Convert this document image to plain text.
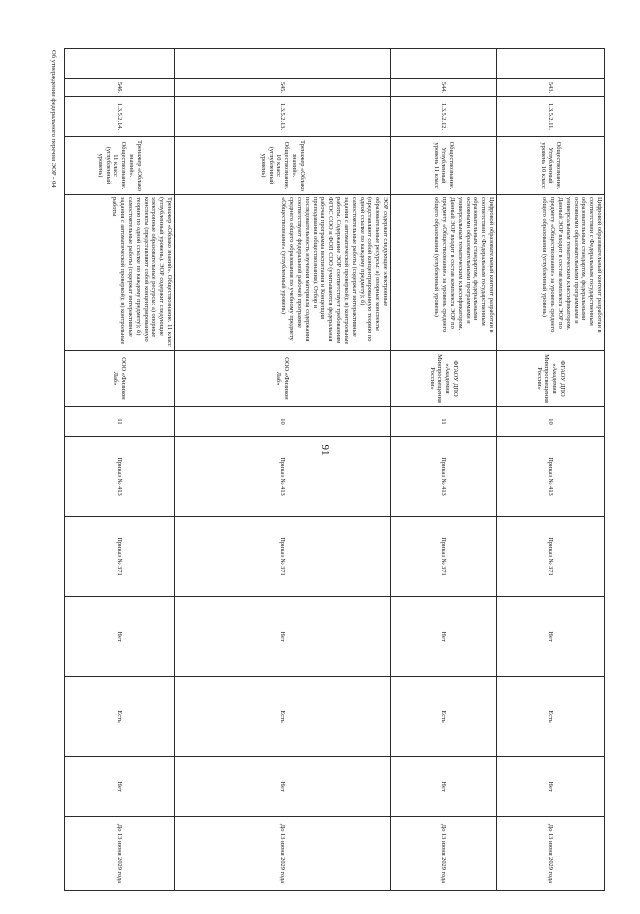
91
	543.	1.3.5.2.11.	Обществознание. Углубленный уровень 10 класс	Цифровой образовательный контент разработан в соответствии с Федеральным государственным образовательным стандартом, федеральными основными образовательными программами и универсальным тематическим классификатором. Данный ЭОР входит в состав комплекта ЭОР по предмету «Обществознание» за уровень среднего общего образования (углубленный уровень)	ФГАОУ ДПО «Академия Минпросвещения России»	10	Приказ № 413	Приказ № 371	Нет	Есть	Нет	До 13 июня 2029 года
	544.	1.3.5.2.12.	Обществознание. Углубленный уровень 11 класс	Цифровой образовательный контент разработан в соответствии с Федеральным государственным образовательным стандартом, федеральными основными образовательными программами и универсальным тематическим классификатором. Данный ЭОР входит в состав комплекта ЭОР по предмету «Обществознание» за уровень среднего общего образования (углубленный уровень)	ФГАОУ ДПО «Академия Минпросвещения России»	11	Приказ № 413	Приказ № 371	Нет	Есть	Нет	До 13 июня 2029 года
	545.	1.3.5.2.13.	Тренажер «Облако знаний». Обществознание. 10 класс (углубленный уровень)	ЭОР содержит следующие электронные образовательные ресурсы: а) опорные конспекты (представляют собой концентрированную теорию по одной ссылке по каждому предмету); б) самостоятельные работы (содержат интерактивные задания с автоматической проверкой); в) контрольные работы. Содержание ЭОР соответствует требованиям ФГОС СОО и ФОП СОО (учитываются федеральная рабочая программа воспитания и Концепция преподавания обществознания). Отбор и последовательность изучения материала содержания соответствуют федеральной рабочей программе среднего общего образования по учебному предмету «Обществознание» (углубленный уровень)	ООО «Физикон Лаб»	10	Приказ № 413	Приказ № 371	Нет	Есть	Нет	До 13 июня 2029 года
	546.	1.3.5.2.14.	Тренажер «Облако знаний». Обществознание. 11 класс (углубленный уровень)	Тренажер «Облако знаний». Обществознание. 11 класс (углубленный уровень). ЭОР содержит следующие электронные образовательные ресурсы: а) опорные конспекты (представляют собой концентрированную теорию по одной ссылке по каждому предмету); б) самостоятельные работы (содержат интерактивные задания с автоматической проверкой); в) контрольные работы	ООО «Физикон Лаб»	11	Приказ № 413	Приказ № 371	Нет	Есть	Нет	До 13 июня 2029 года
Об утверждении федерального перечня ЭОР - 04
